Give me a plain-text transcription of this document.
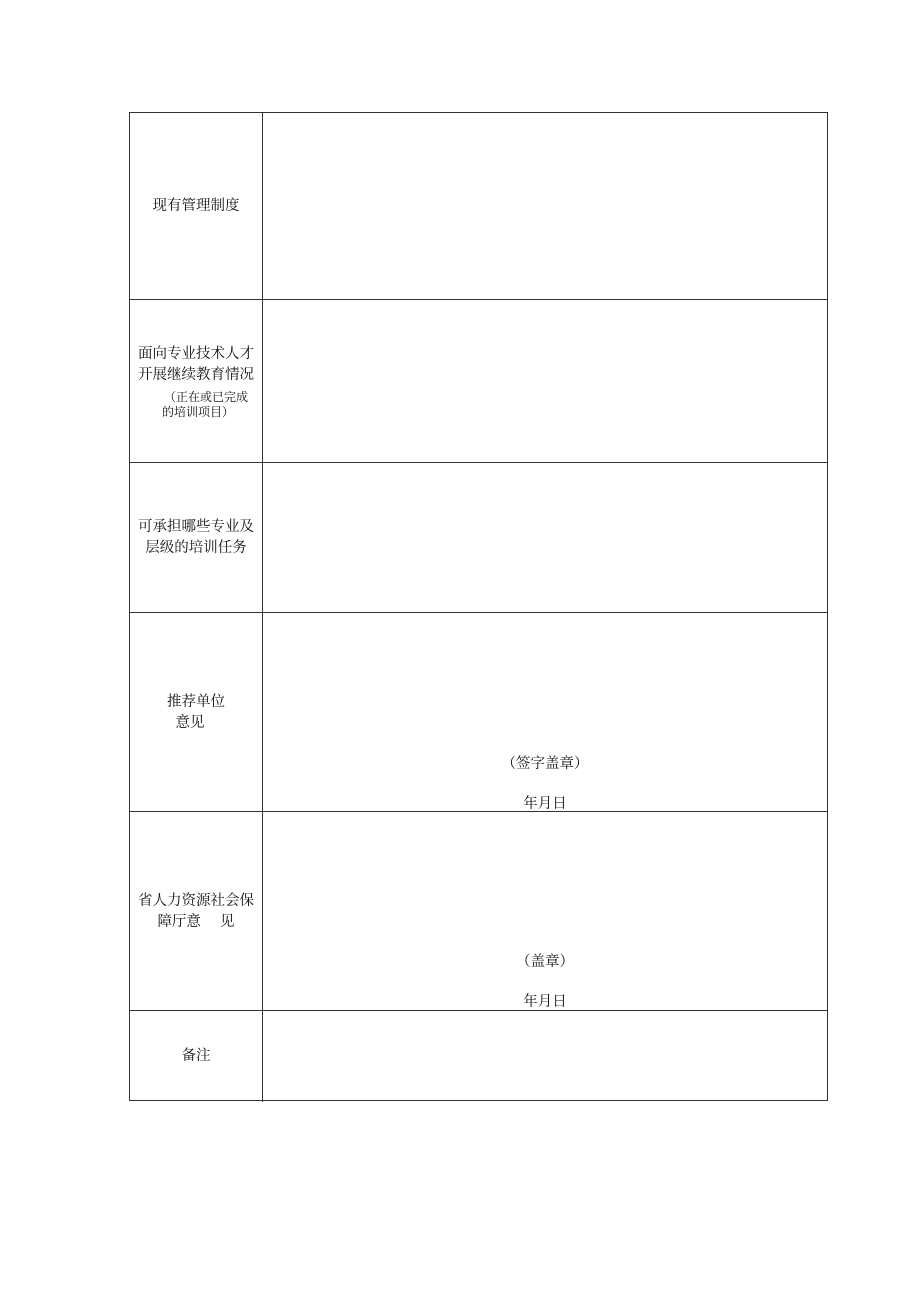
现有管理制度
面向专业技术人才
开展继续教育情况
（正在或已完成
的培训项目）
可承担哪些专业及
层级的培训任务
推荐单位
意见
（签字盖章）
年月日
省人力资源社会保
障厅意　 见
（盖章）
年月日
备注
